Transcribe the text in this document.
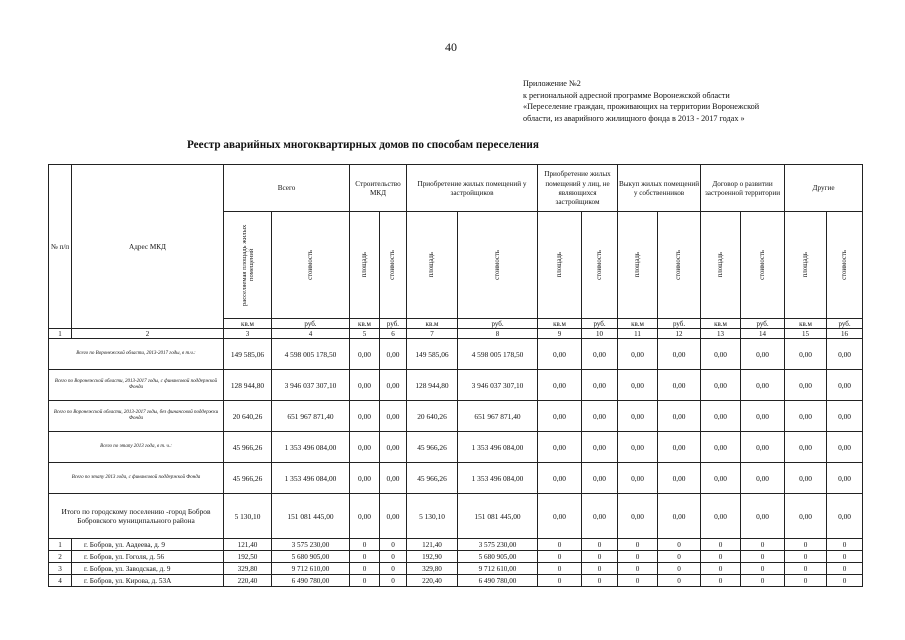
40
Приложение №2
к региональной адресной программе Воронежской области
«Переселение граждан, проживающих на территории Воронежской
области, из аварийного жилищного фонда в 2013 - 2017 годах »
Реестр аварийных многоквартирных домов по способам переселения
№ п/п	Адрес МКД	Всего		Строительство МКД		Приобретение жилых помещений у застройщиков		Приобретение жилых помещений у лиц, не являющихся застройщиком		Выкуп жилых помещений у собственников		Договор о развитии застроенной территории		Другие	

		расселяемая площадь жилых помещений	стоимость	площадь	стоимость	площадь	стоимость	площадь	стоимость	площадь	стоимость	площадь	стоимость	площадь	стоимость

		кв.м	руб.	кв.м	руб.	кв.м	руб.	кв.м	руб.	кв.м	руб.	кв.м	руб.	кв.м	руб.
1	2	3	4	5	6	7	8	9	10	11	12	13	14	15	16
Всего по Воронежской области, 2013-2017 годы, в т.ч.:		149 585,06	4 598 005 178,50	0,00	0,00	149 585,06	4 598 005 178,50	0,00	0,00	0,00	0,00	0,00	0,00	0,00	0,00
Всего по Воронежской области, 2013-2017 годы, с финансовой поддержкой Фонда		128 944,80	3 946 037 307,10	0,00	0,00	128 944,80	3 946 037 307,10	0,00	0,00	0,00	0,00	0,00	0,00	0,00	0,00
Всего по Воронежской области, 2013-2017 годы, без финансовой поддержки Фонда		20 640,26	651 967 871,40	0,00	0,00	20 640,26	651 967 871,40	0,00	0,00	0,00	0,00	0,00	0,00	0,00	0,00
Всего по этапу 2013 года, в т. ч.:		45 966,26	1 353 496 084,00	0,00	0,00	45 966,26	1 353 496 084,00	0,00	0,00	0,00	0,00	0,00	0,00	0,00	0,00
Всего по этапу 2013 года, с финансовой поддержкой Фонда		45 966,26	1 353 496 084,00	0,00	0,00	45 966,26	1 353 496 084,00	0,00	0,00	0,00	0,00	0,00	0,00	0,00	0,00
Итого по городскому поселению -город Бобров Бобровского муниципального района		5 130,10	151 081 445,00	0,00	0,00	5 130,10	151 081 445,00	0,00	0,00	0,00	0,00	0,00	0,00	0,00	0,00
1	г. Бобров, ул. Аадеева, д. 9	121,40	3 575 230,00	0	0	121,40	3 575 230,00	0	0	0	0	0	0	0	0
2	г. Бобров, ул. Гоголя, д. 56	192,50	5 680 905,00	0	0	192,90	5 680 905,00	0	0	0	0	0	0	0	0
3	г. Бобров, ул. Заводская, д. 9	329,80	9 712 610,00	0	0	329,80	9 712 610,00	0	0	0	0	0	0	0	0
4	г. Бобров, ул. Кирова, д. 53А	220,40	6 490 780,00	0	0	220,40	6 490 780,00	0	0	0	0	0	0	0	0
